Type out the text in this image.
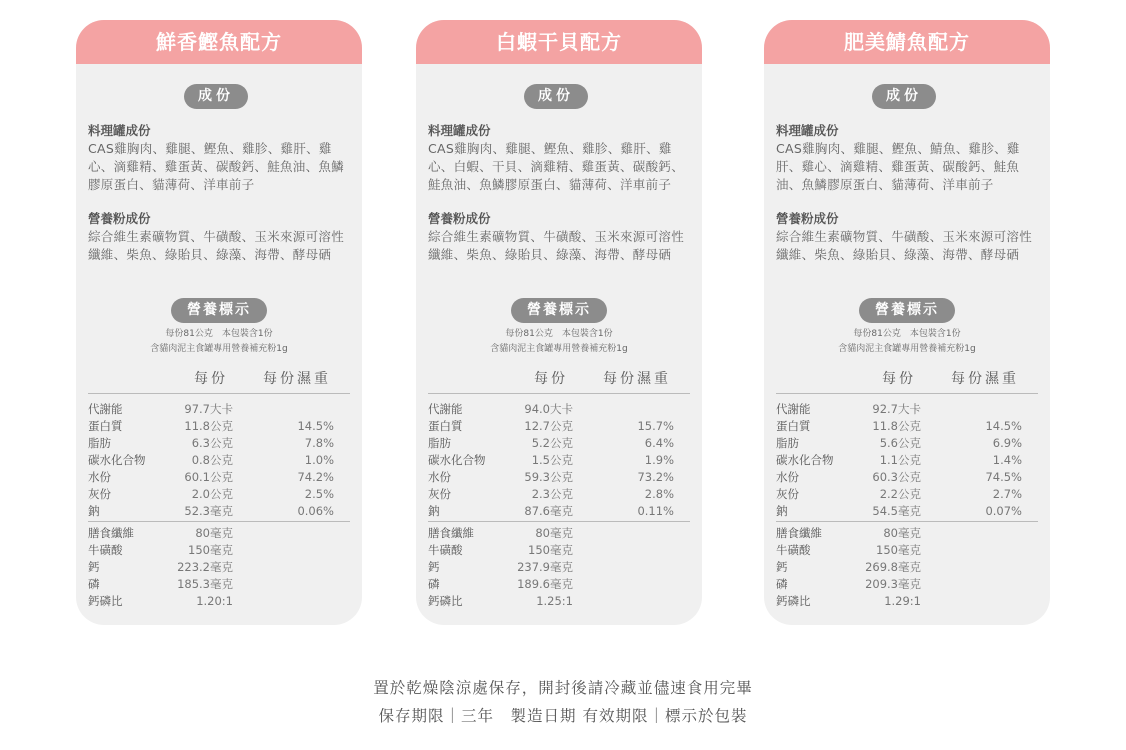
鮮香鰹魚配方
成份
料理罐成份
CAS雞胸肉、雞腿、鰹魚、雞胗、雞肝、雞心、滴雞精、雞蛋黃、碳酸鈣、鮭魚油、魚鱗膠原蛋白、貓薄荷、洋車前子
營養粉成份
綜合維生素礦物質、牛磺酸、玉米來源可溶性纖維、柴魚、綠貽貝、綠藻、海帶、酵母硒
營養標示
每份81公克　本包裝含1份
含貓肉泥主食罐專用營養補充粉1g
每份	每份濕重
代謝能	97.7大卡
蛋白質	11.8公克	14.5%
脂肪	6.3公克	7.8%
碳水化合物	0.8公克	1.0%
水份	60.1公克	74.2%
灰份	2.0公克	2.5%
鈉	52.3毫克	0.06%
膳食纖維	80毫克
牛磺酸	150毫克
鈣	223.2毫克
磷	185.3毫克
鈣磷比	1.20:1
白蝦干貝配方
成份
料理罐成份
CAS雞胸肉、雞腿、鰹魚、雞胗、雞肝、雞心、白蝦、干貝、滴雞精、雞蛋黃、碳酸鈣、鮭魚油、魚鱗膠原蛋白、貓薄荷、洋車前子
營養粉成份
綜合維生素礦物質、牛磺酸、玉米來源可溶性纖維、柴魚、綠貽貝、綠藻、海帶、酵母硒
營養標示
每份81公克　本包裝含1份
含貓肉泥主食罐專用營養補充粉1g
每份	每份濕重
代謝能	94.0大卡
蛋白質	12.7公克	15.7%
脂肪	5.2公克	6.4%
碳水化合物	1.5公克	1.9%
水份	59.3公克	73.2%
灰份	2.3公克	2.8%
鈉	87.6毫克	0.11%
膳食纖維	80毫克
牛磺酸	150毫克
鈣	237.9毫克
磷	189.6毫克
鈣磷比	1.25:1
肥美鯖魚配方
成份
料理罐成份
CAS雞胸肉、雞腿、鰹魚、鯖魚、雞胗、雞肝、雞心、滴雞精、雞蛋黃、碳酸鈣、鮭魚油、魚鱗膠原蛋白、貓薄荷、洋車前子
營養粉成份
綜合維生素礦物質、牛磺酸、玉米來源可溶性纖維、柴魚、綠貽貝、綠藻、海帶、酵母硒
營養標示
每份81公克　本包裝含1份
含貓肉泥主食罐專用營養補充粉1g
每份	每份濕重
代謝能	92.7大卡
蛋白質	11.8公克	14.5%
脂肪	5.6公克	6.9%
碳水化合物	1.1公克	1.4%
水份	60.3公克	74.5%
灰份	2.2公克	2.7%
鈉	54.5毫克	0.07%
膳食纖維	80毫克
牛磺酸	150毫克
鈣	269.8毫克
磷	209.3毫克
鈣磷比	1.29:1
置於乾燥陰涼處保存，開封後請冷藏並儘速食用完畢
保存期限｜三年　製造日期 有效期限｜標示於包裝
